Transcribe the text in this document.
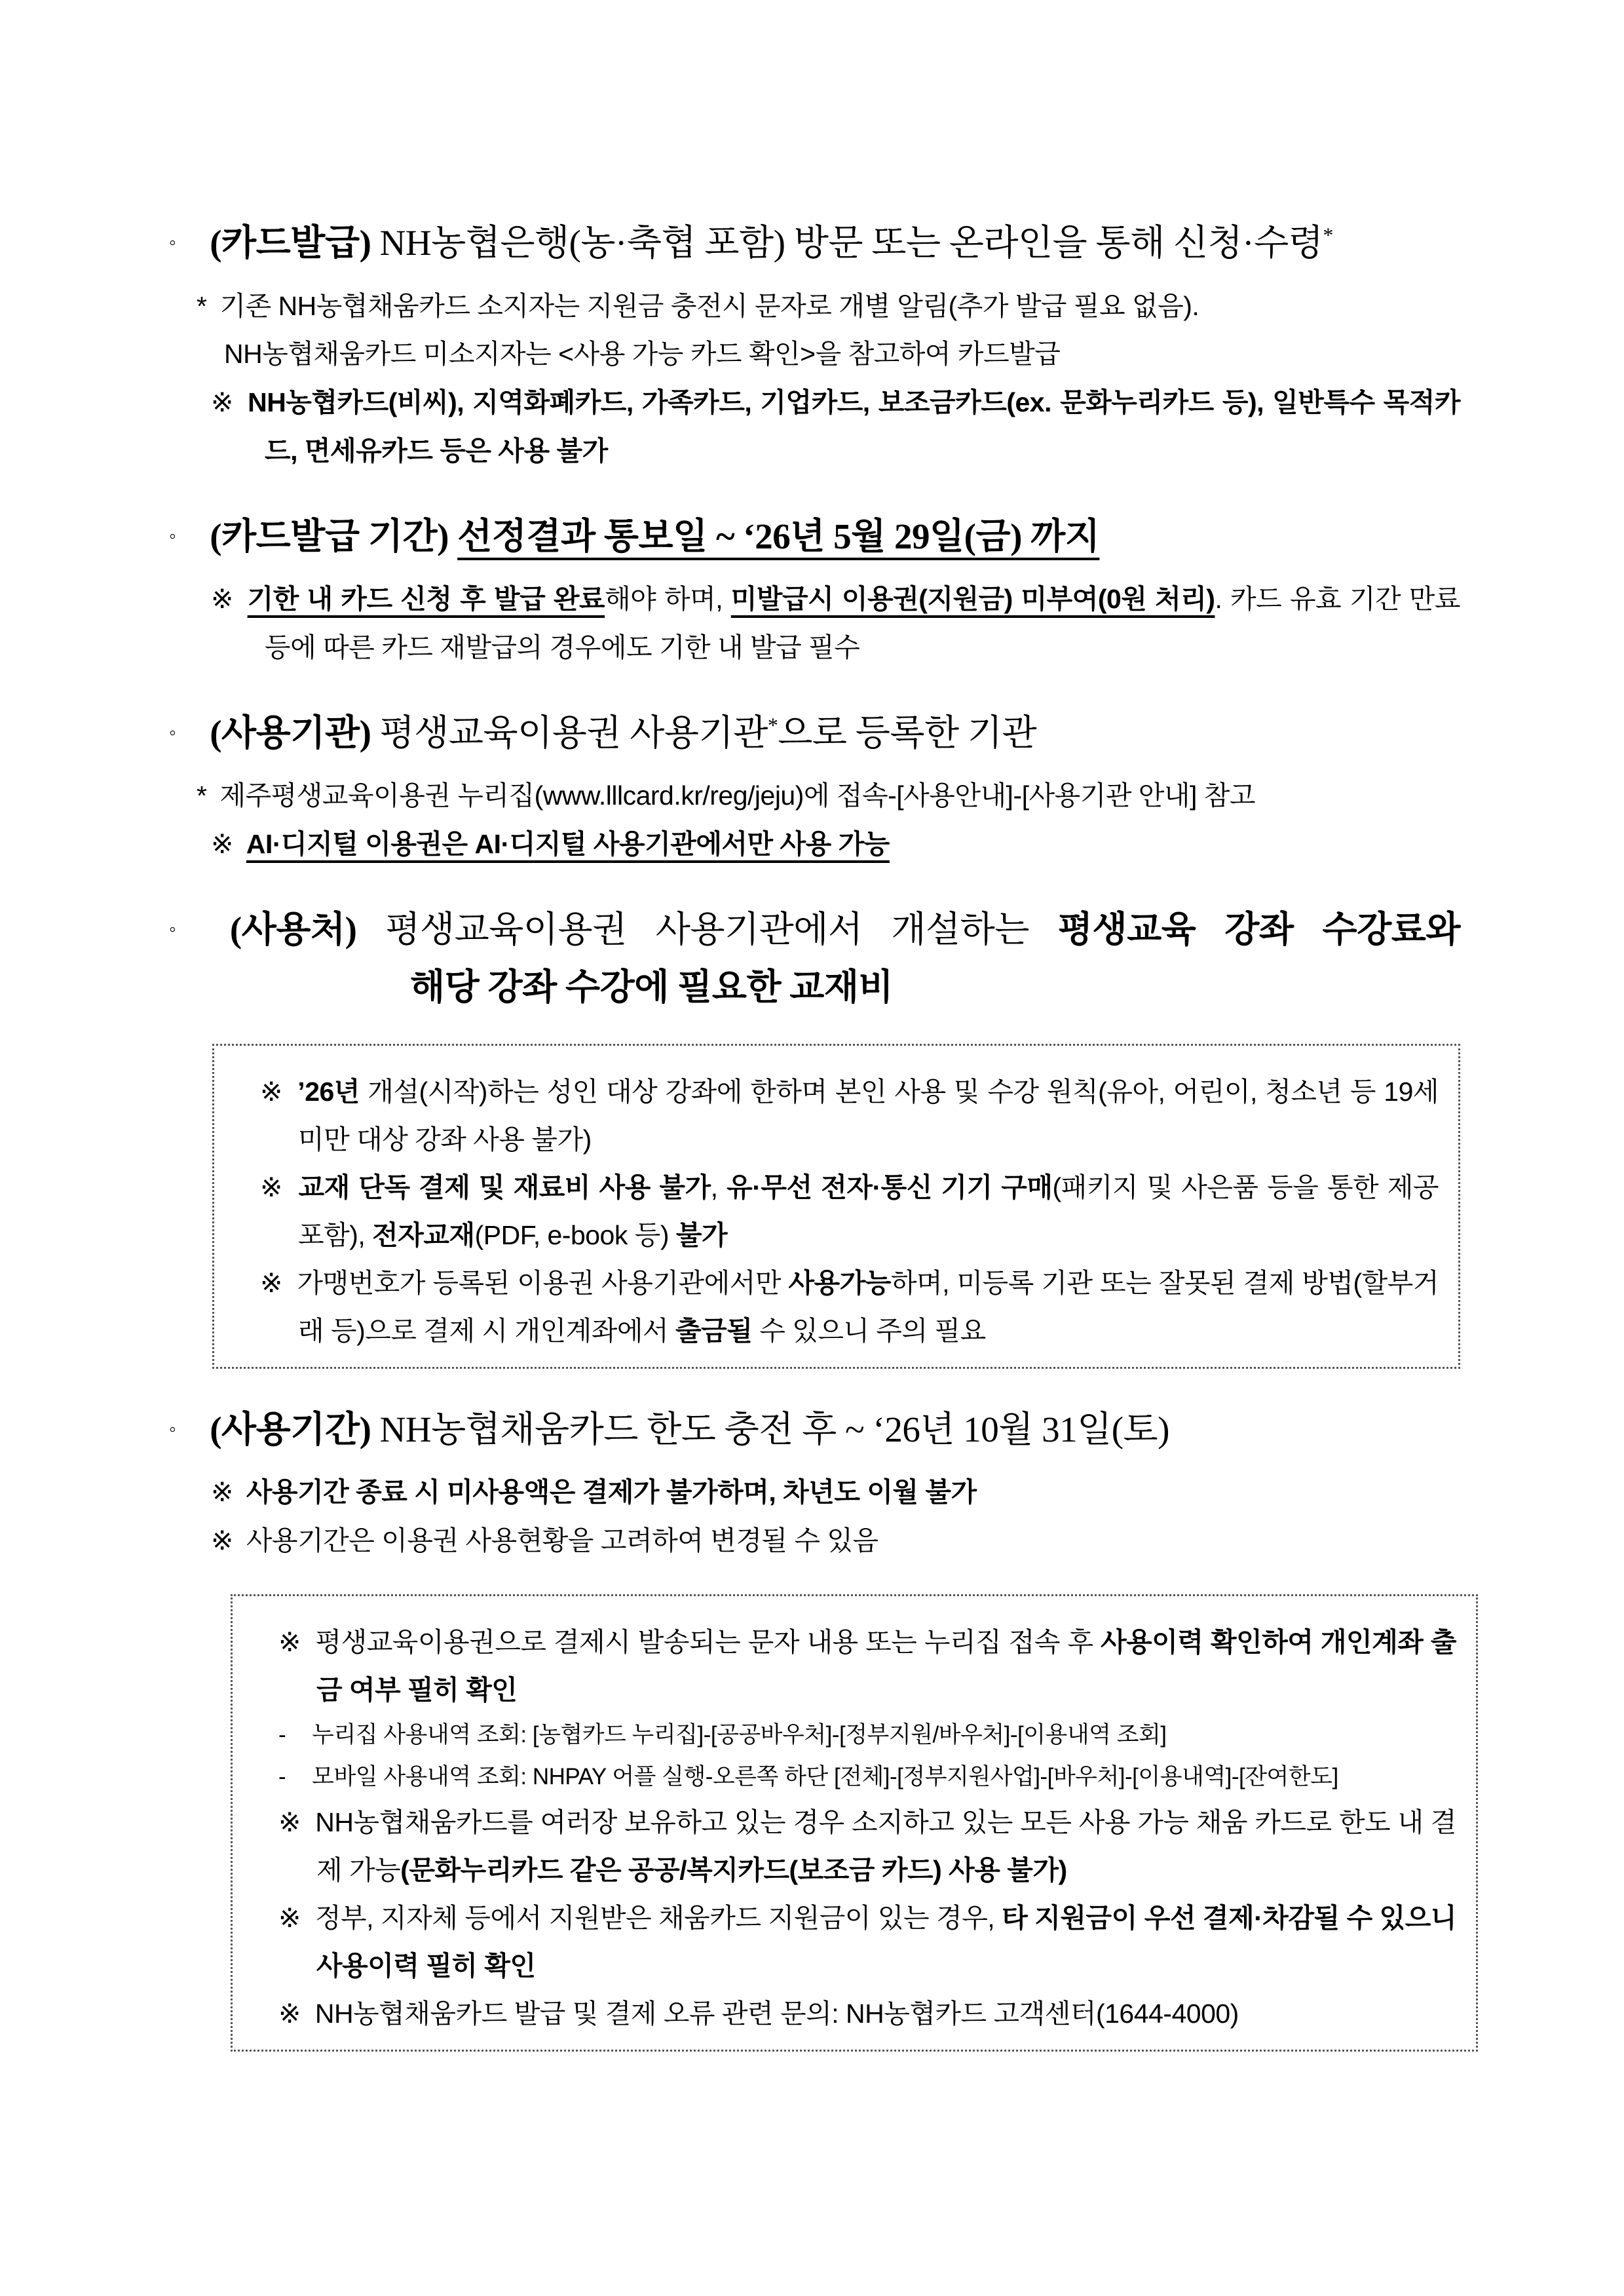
◦ (카드발급) NH농협은행(농·축협 포함) 방문 또는 온라인을 통해 신청·수령*
* 기존 NH농협채움카드 소지자는 지원금 충전시 문자로 개별 알림(추가 발급 필요 없음).
NH농협채움카드 미소지자는 <사용 가능 카드 확인>을 참고하여 카드발급
※ NH농협카드(비씨), 지역화폐카드, 가족카드, 기업카드, 보조금카드(ex. 문화누리카드 등), 일반특수 목적카드, 면세유카드 등은 사용 불가
◦ (카드발급 기간) 선정결과 통보일 ~ ‘26년 5월 29일(금) 까지
※ 기한 내 카드 신청 후 발급 완료해야 하며, 미발급시 이용권(지원금) 미부여(0원 처리). 카드 유효 기간 만료 등에 따른 카드 재발급의 경우에도 기한 내 발급 필수
◦ (사용기관) 평생교육이용권 사용기관*으로 등록한 기관
* 제주평생교육이용권 누리집(www.lllcard.kr/reg/jeju)에 접속-[사용안내]-[사용기관 안내] 참고
※ AI·디지털 이용권은 AI·디지털 사용기관에서만 사용 가능
◦ (사용처) 평생교육이용권 사용기관에서 개설하는 평생교육 강좌 수강료와
해당 강좌 수강에 필요한 교재비
※ ’26년 개설(시작)하는 성인 대상 강좌에 한하며 본인 사용 및 수강 원칙(유아, 어린이, 청소년 등 19세 미만 대상 강좌 사용 불가)
※ 교재 단독 결제 및 재료비 사용 불가, 유·무선 전자·통신 기기 구매(패키지 및 사은품 등을 통한 제공 포함), 전자교재(PDF, e-book 등) 불가
※ 가맹번호가 등록된 이용권 사용기관에서만 사용가능하며, 미등록 기관 또는 잘못된 결제 방법(할부거래 등)으로 결제 시 개인계좌에서 출금될 수 있으니 주의 필요
◦ (사용기간) NH농협채움카드 한도 충전 후 ~ ‘26년 10월 31일(토)
※ 사용기간 종료 시 미사용액은 결제가 불가하며, 차년도 이월 불가
※ 사용기간은 이용권 사용현황을 고려하여 변경될 수 있음
※ 평생교육이용권으로 결제시 발송되는 문자 내용 또는 누리집 접속 후 사용이력 확인하여 개인계좌 출금 여부 필히 확인
- 누리집 사용내역 조회: [농협카드 누리집]-[공공바우처]-[정부지원/바우처]-[이용내역 조회]
- 모바일 사용내역 조회: NHPAY 어플 실행-오른쪽 하단 [전체]-[정부지원사업]-[바우처]-[이용내역]-[잔여한도]
※ NH농협채움카드를 여러장 보유하고 있는 경우 소지하고 있는 모든 사용 가능 채움 카드로 한도 내 결제 가능(문화누리카드 같은 공공/복지카드(보조금 카드) 사용 불가)
※ 정부, 지자체 등에서 지원받은 채움카드 지원금이 있는 경우, 타 지원금이 우선 결제·차감될 수 있으니 사용이력 필히 확인
※ NH농협채움카드 발급 및 결제 오류 관련 문의: NH농협카드 고객센터(1644-4000)
